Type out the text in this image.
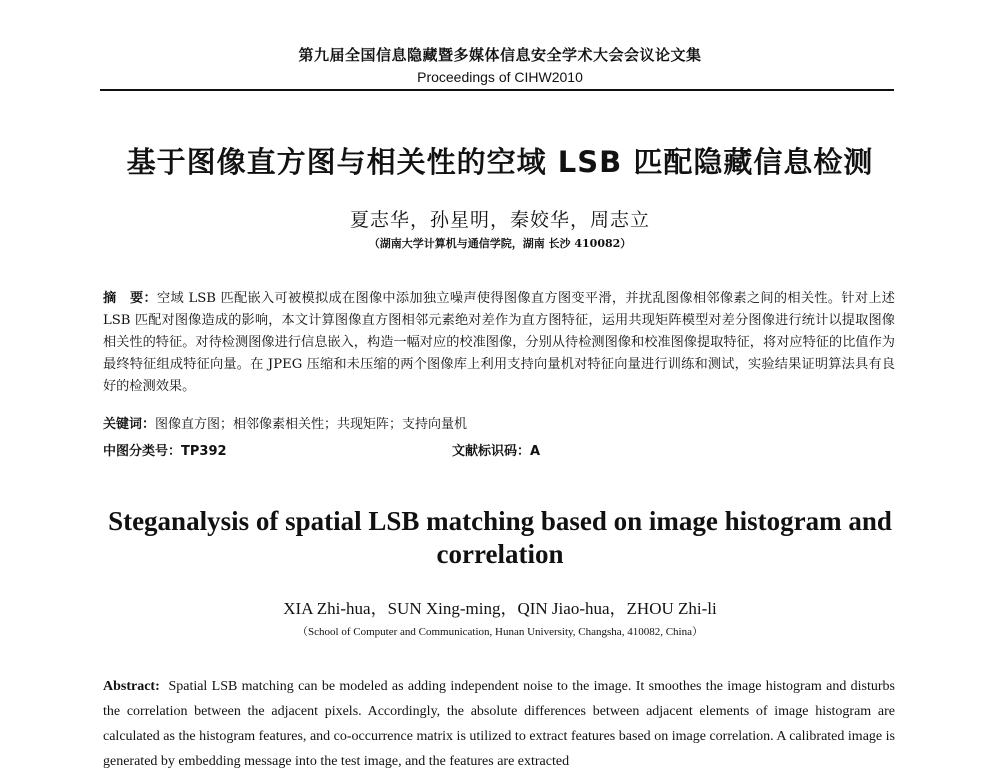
第九届全国信息隐藏暨多媒体信息安全学术大会会议论文集
Proceedings of CIHW2010
基于图像直方图与相关性的空域 LSB 匹配隐藏信息检测
夏志华，孙星明，秦姣华，周志立
（湖南大学计算机与通信学院，湖南 长沙 410082）

摘　要：空域 LSB 匹配嵌入可被模拟成在图像中添加独立噪声使得图像直方图变平滑，并扰乱图像相邻像素之间的相关性。针对上述 LSB 匹配对图像造成的影响，本文计算图像直方图相邻元素绝对差作为直方图特征，运用共现矩阵模型对差分图像进行统计以提取图像相关性的特征。对待检测图像进行信息嵌入，构造一幅对应的校准图像，分别从待检测图像和校准图像提取特征，将对应特征的比值作为最终特征组成特征向量。在 JPEG 压缩和未压缩的两个图像库上利用支持向量机对特征向量进行训练和测试，实验结果证明算法具有良好的检测效果。

关键词：图像直方图；相邻像素相关性；共现矩阵；支持向量机
中图分类号：TP392	文献标识码：A

Steganalysis of spatial LSB matching based on image histogram and correlation

XIA Zhi-hua，SUN Xing-ming，QIN Jiao-hua，ZHOU Zhi-li
（School of Computer and Communication, Hunan University, Changsha, 410082, China）

Abstract: Spatial LSB matching can be modeled as adding independent noise to the image. It smoothes the image histogram and disturbs the correlation between the adjacent pixels. Accordingly, the absolute differences between adjacent elements of image histogram are calculated as the histogram features, and co-occurrence matrix is utilized to extract features based on image correlation. A calibrated image is generated by embedding message into the test image, and the features are extracted
